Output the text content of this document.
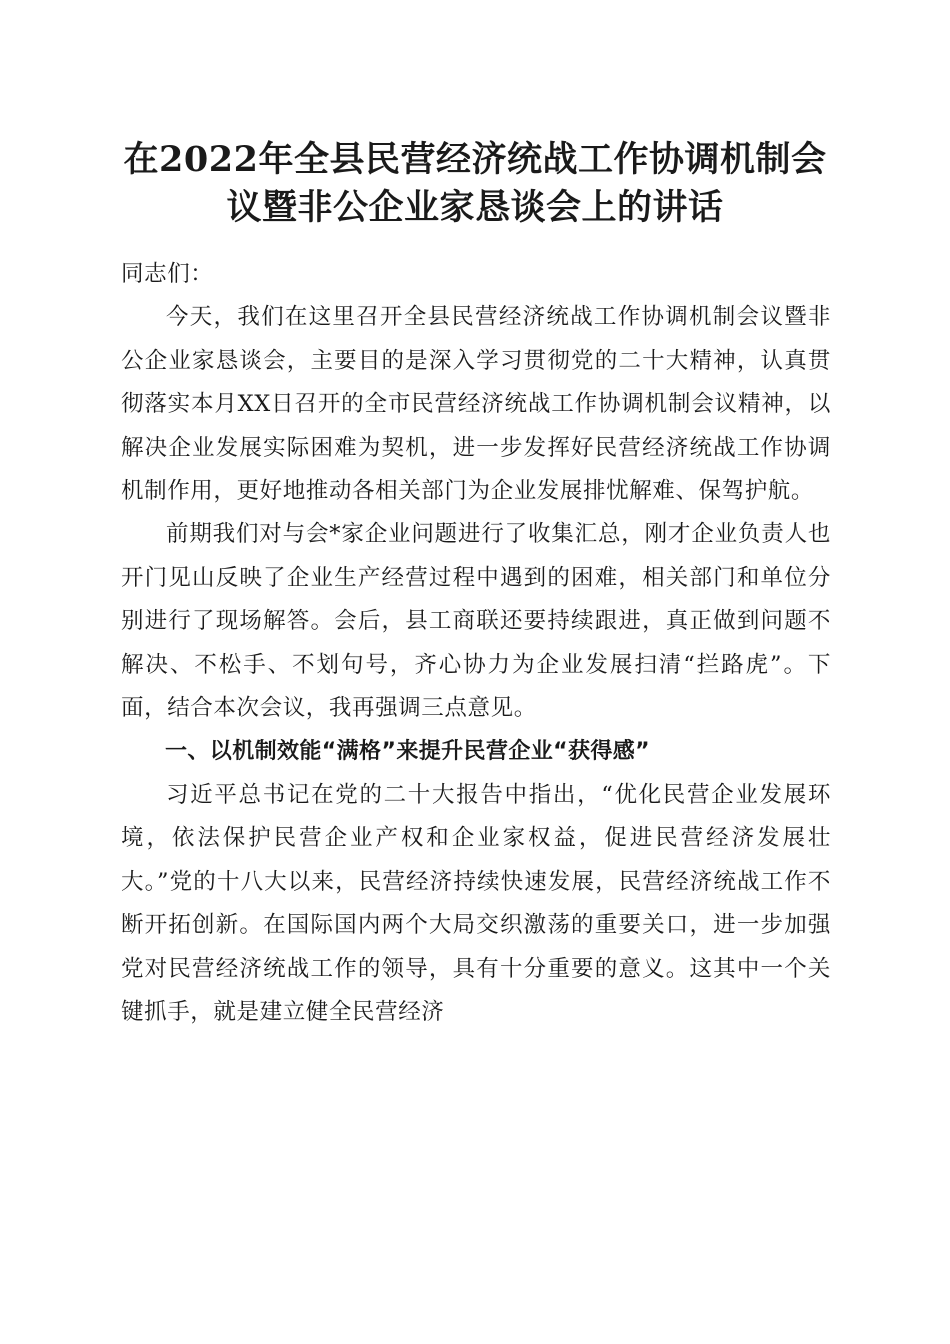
在2022年全县民营经济统战工作协调机制会
议暨非公企业家恳谈会上的讲话

同志们：

今天，我们在这里召开全县民营经济统战工作协调机制会议暨非公企业家恳谈会，主要目的是深入学习贯彻党的二十大精神，认真贯彻落实本月XX日召开的全市民营经济统战工作协调机制会议精神，以解决企业发展实际困难为契机，进一步发挥好民营经济统战工作协调机制作用，更好地推动各相关部门为企业发展排忧解难、保驾护航。

前期我们对与会*家企业问题进行了收集汇总，刚才企业负责人也开门见山反映了企业生产经营过程中遇到的困难，相关部门和单位分别进行了现场解答。会后，县工商联还要持续跟进，真正做到问题不解决、不松手、不划句号，齐心协力为企业发展扫清“拦路虎”。下面，结合本次会议，我再强调三点意见。

一、以机制效能“满格”来提升民营企业“获得感”

习近平总书记在党的二十大报告中指出，“优化民营企业发展环境，依法保护民营企业产权和企业家权益，促进民营经济发展壮大。”党的十八大以来，民营经济持续快速发展，民营经济统战工作不断开拓创新。在国际国内两个大局交织激荡的重要关口，进一步加强党对民营经济统战工作的领导，具有十分重要的意义。这其中一个关键抓手，就是建立健全民营经济
